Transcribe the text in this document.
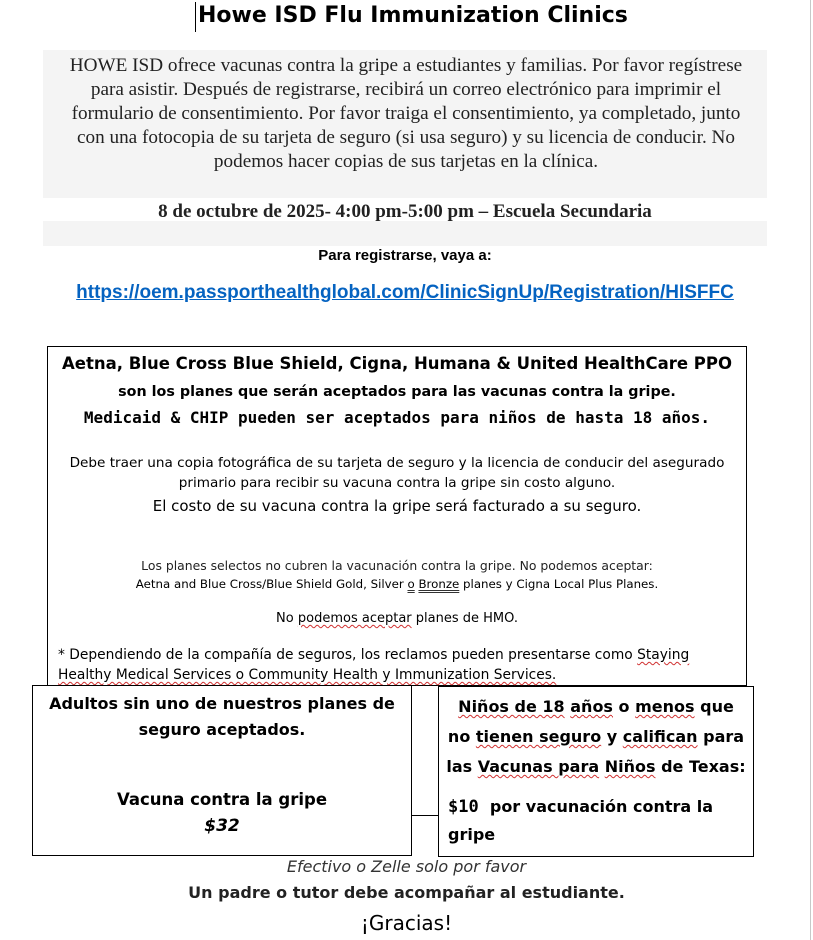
Howe ISD Flu Immunization Clinics

HOWE ISD ofrece vacunas contra la gripe a estudiantes y familias. Por favor regístrese para asistir. Después de registrarse, recibirá un correo electrónico para imprimir el formulario de consentimiento. Por favor traiga el consentimiento, ya completado, junto con una fotocopia de su tarjeta de seguro (si usa seguro) y su licencia de conducir. No podemos hacer copias de sus tarjetas en la clínica.

8 de octubre de 2025- 4:00 pm-5:00 pm – Escuela Secundaria

Para registrarse, vaya a:

https://oem.passporthealthglobal.com/ClinicSignUp/Registration/HISFFC
Aetna, Blue Cross Blue Shield, Cigna, Humana & United HealthCare PPO
son los planes que serán aceptados para las vacunas contra la gripe.
Medicaid & CHIP pueden ser aceptados para niños de hasta 18 años.
Debe traer una copia fotográfica de su tarjeta de seguro y la licencia de conducir del asegurado primario para recibir su vacuna contra la gripe sin costo alguno.
El costo de su vacuna contra la gripe será facturado a su seguro.
Los planes selectos no cubren la vacunación contra la gripe. No podemos aceptar:
Aetna and Blue Cross/Blue Shield Gold, Silver o Bronze planes y Cigna Local Plus Planes.
No podemos aceptar planes de HMO.
* Dependiendo de la compañía de seguros, los reclamos pueden presentarse como Staying Healthy Medical Services o Community Health y Immunization Services.
Adultos sin uno de nuestros planes de seguro aceptados.
Vacuna contra la gripe
$32
Niños de 18 años o menos que no tienen seguro y califican para las Vacunas para Niños de Texas:
$10 por vacunación contra la gripe

Efectivo o Zelle solo por favor

Un padre o tutor debe acompañar al estudiante.

¡Gracias!
